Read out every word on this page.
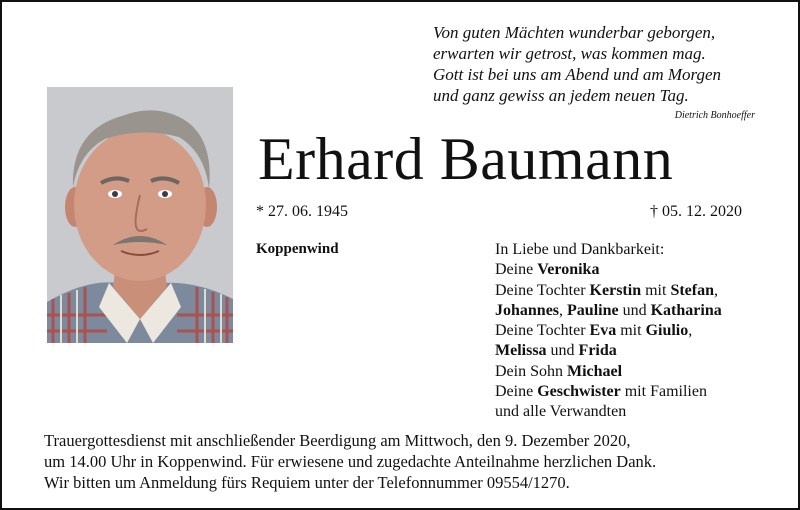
Von guten Mächten wunderbar geborgen,
erwarten wir getrost, was kommen mag.
Gott ist bei uns am Abend und am Morgen
und ganz gewiss an jedem neuen Tag.
Dietrich Bonhoeffer
Erhard Baumann
* 27. 06. 1945	† 05. 12. 2020
Koppenwind	In Liebe und Dankbarkeit:
Deine Veronika
Deine Tochter Kerstin mit Stefan,
Johannes, Pauline und Katharina
Deine Tochter Eva mit Giulio,
Melissa und Frida
Dein Sohn Michael
Deine Geschwister mit Familien
und alle Verwandten
Trauergottesdienst mit anschließender Beerdigung am Mittwoch, den 9. Dezember 2020,
um 14.00 Uhr in Koppenwind. Für erwiesene und zugedachte Anteilnahme herzlichen Dank.
Wir bitten um Anmeldung fürs Requiem unter der Telefonnummer 09554/1270.
